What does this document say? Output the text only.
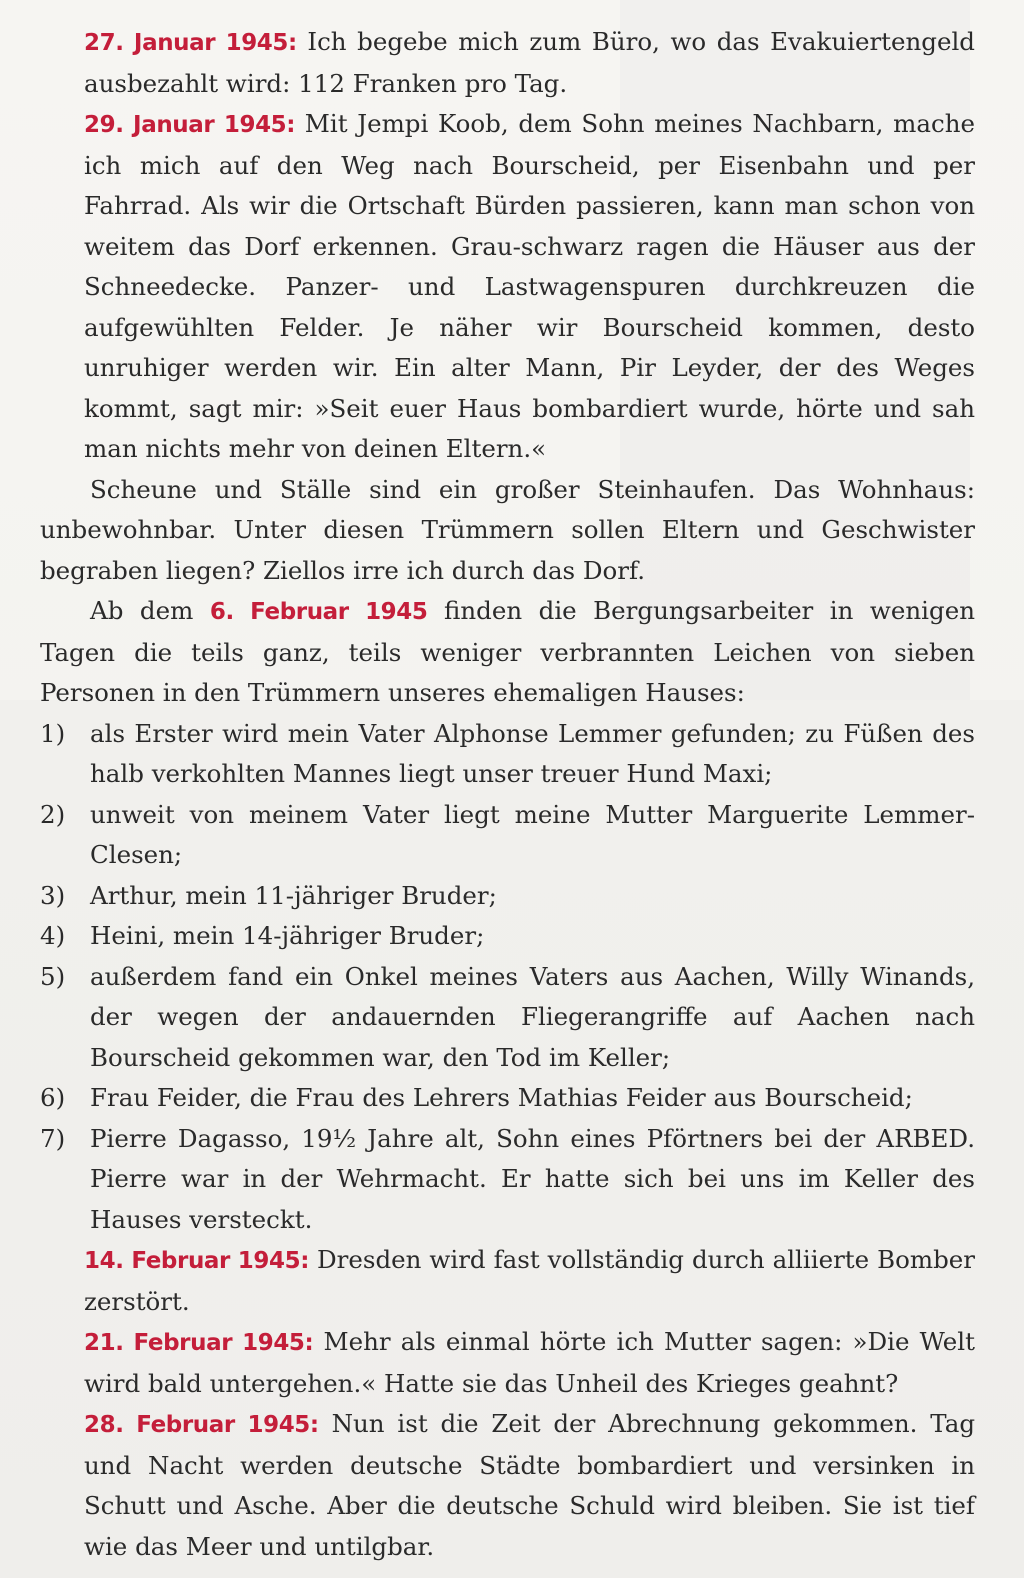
27. Januar 1945: Ich begebe mich zum Büro, wo das Evakuiertengeld ausbezahlt wird: 112 Franken pro Tag.

29. Januar 1945: Mit Jempi Koob, dem Sohn meines Nachbarn, mache ich mich auf den Weg nach Bourscheid, per Eisenbahn und per Fahrrad. Als wir die Ortschaft Bürden passieren, kann man schon von weitem das Dorf erkennen. Grau-schwarz ragen die Häuser aus der Schneedecke. Panzer- und Lastwagenspuren durchkreuzen die aufgewühlten Felder. Je näher wir Bourscheid kommen, desto unruhiger werden wir. Ein alter Mann, Pir Leyder, der des Weges kommt, sagt mir: »Seit euer Haus bombardiert wurde, hörte und sah man nichts mehr von deinen Eltern.«

Scheune und Ställe sind ein großer Steinhaufen. Das Wohnhaus: unbewohnbar. Unter diesen Trümmern sollen Eltern und Geschwister begraben liegen? Ziellos irre ich durch das Dorf.

Ab dem 6. Februar 1945 finden die Bergungsarbeiter in wenigen Tagen die teils ganz, teils weniger verbrannten Leichen von sieben Personen in den Trümmern unseres ehemaligen Hauses:

1)	als Erster wird mein Vater Alphonse Lemmer gefunden; zu Füßen des halb verkohlten Mannes liegt unser treuer Hund Maxi;
2)	unweit von meinem Vater liegt meine Mutter Marguerite Lemmer-Clesen;
3)	Arthur, mein 11-jähriger Bruder;
4)	Heini, mein 14-jähriger Bruder;
5)	außerdem fand ein Onkel meines Vaters aus Aachen, Willy Winands, der wegen der andauernden Fliegerangriffe auf Aachen nach Bourscheid gekommen war, den Tod im Keller;
6)	Frau Feider, die Frau des Lehrers Mathias Feider aus Bourscheid;
7)	Pierre Dagasso, 19½ Jahre alt, Sohn eines Pförtners bei der ARBED. Pierre war in der Wehrmacht. Er hatte sich bei uns im Keller des Hauses versteckt.

14. Februar 1945: Dresden wird fast vollständig durch alliierte Bomber zerstört.

21. Februar 1945: Mehr als einmal hörte ich Mutter sagen: »Die Welt wird bald untergehen.« Hatte sie das Unheil des Krieges geahnt?

28. Februar 1945: Nun ist die Zeit der Abrechnung gekommen. Tag und Nacht werden deutsche Städte bombardiert und versinken in Schutt und Asche. Aber die deutsche Schuld wird bleiben. Sie ist tief wie das Meer und untilgbar.
